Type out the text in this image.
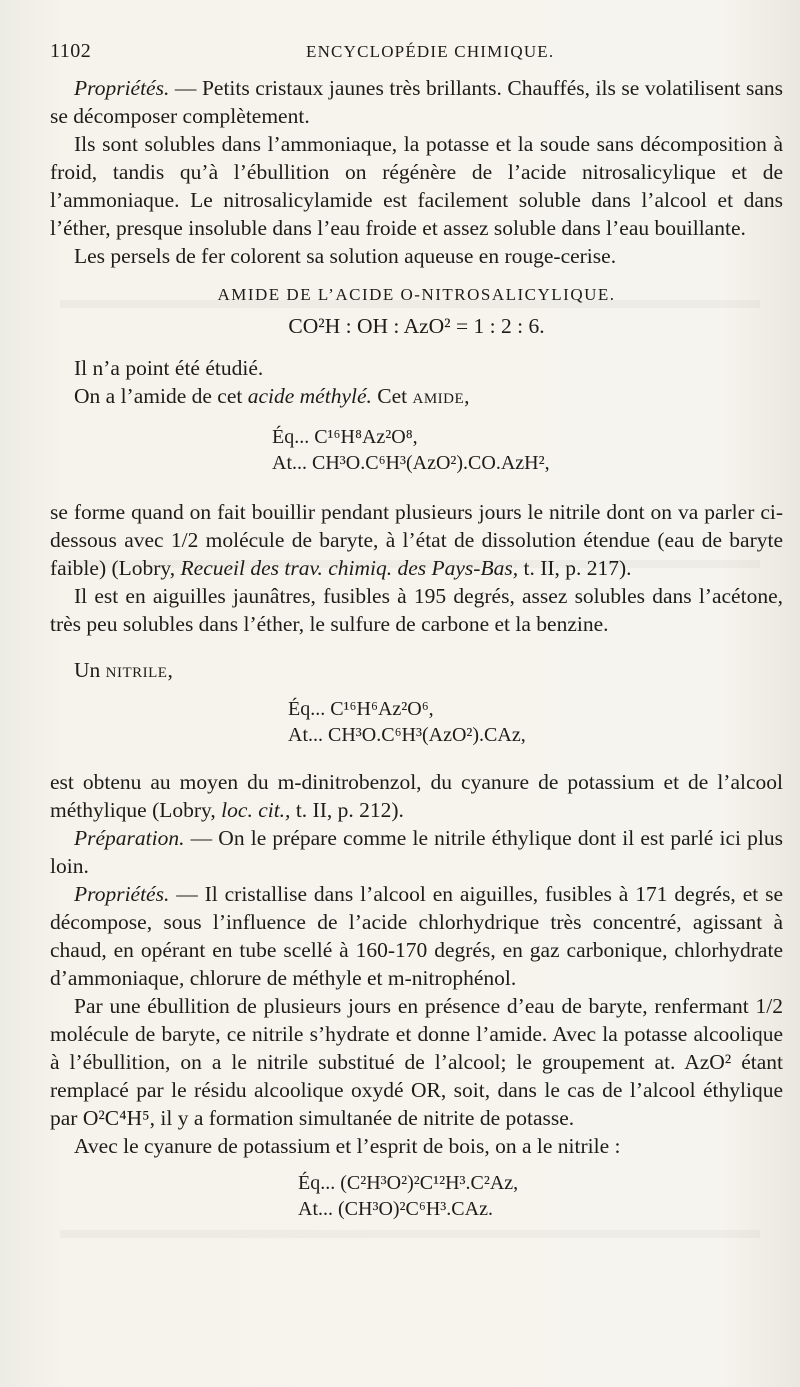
1102	ENCYCLOPÉDIE CHIMIQUE.

Propriétés. — Petits cristaux jaunes très brillants. Chauffés, ils se volatilisent sans se décomposer complètement.

Ils sont solubles dans l’ammoniaque, la potasse et la soude sans décomposition à froid, tandis qu’à l’ébullition on régénère de l’acide nitrosalicylique et de l’ammoniaque. Le nitrosalicylamide est facilement soluble dans l’alcool et dans l’éther, presque insoluble dans l’eau froide et assez soluble dans l’eau bouillante.

Les persels de fer colorent sa solution aqueuse en rouge-cerise.

AMIDE DE L’ACIDE O-NITROSALICYLIQUE.
CO²H : OH : AzO² = 1 : 2 : 6.

Il n’a point été étudié.

On a l’amide de cet acide méthylé. Cet amide,

Éq... C¹⁶H⁸Az²O⁸,
At... CH³O.C⁶H³(AzO²).CO.AzH²,

se forme quand on fait bouillir pendant plusieurs jours le nitrile dont on va parler ci-dessous avec 1/2 molécule de baryte, à l’état de dissolution étendue (eau de baryte faible) (Lobry, Recueil des trav. chimiq. des Pays-Bas, t. II, p. 217).

Il est en aiguilles jaunâtres, fusibles à 195 degrés, assez solubles dans l’acétone, très peu solubles dans l’éther, le sulfure de carbone et la benzine.

Un nitrile,

Éq... C¹⁶H⁶Az²O⁶,
At... CH³O.C⁶H³(AzO²).CAz,

est obtenu au moyen du m-dinitrobenzol, du cyanure de potassium et de l’alcool méthylique (Lobry, loc. cit., t. II, p. 212).

Préparation. — On le prépare comme le nitrile éthylique dont il est parlé ici plus loin.

Propriétés. — Il cristallise dans l’alcool en aiguilles, fusibles à 171 degrés, et se décompose, sous l’influence de l’acide chlorhydrique très concentré, agissant à chaud, en opérant en tube scellé à 160-170 degrés, en gaz carbonique, chlorhydrate d’ammoniaque, chlorure de méthyle et m-nitrophénol.

Par une ébullition de plusieurs jours en présence d’eau de baryte, renfermant 1/2 molécule de baryte, ce nitrile s’hydrate et donne l’amide. Avec la potasse alcoolique à l’ébullition, on a le nitrile substitué de l’alcool; le groupement at. AzO² étant remplacé par le résidu alcoolique oxydé OR, soit, dans le cas de l’alcool éthylique par O²C⁴H⁵, il y a formation simultanée de nitrite de potasse.

Avec le cyanure de potassium et l’esprit de bois, on a le nitrile :

Éq... (C²H³O²)²C¹²H³.C²Az,
At... (CH³O)²C⁶H³.CAz.
